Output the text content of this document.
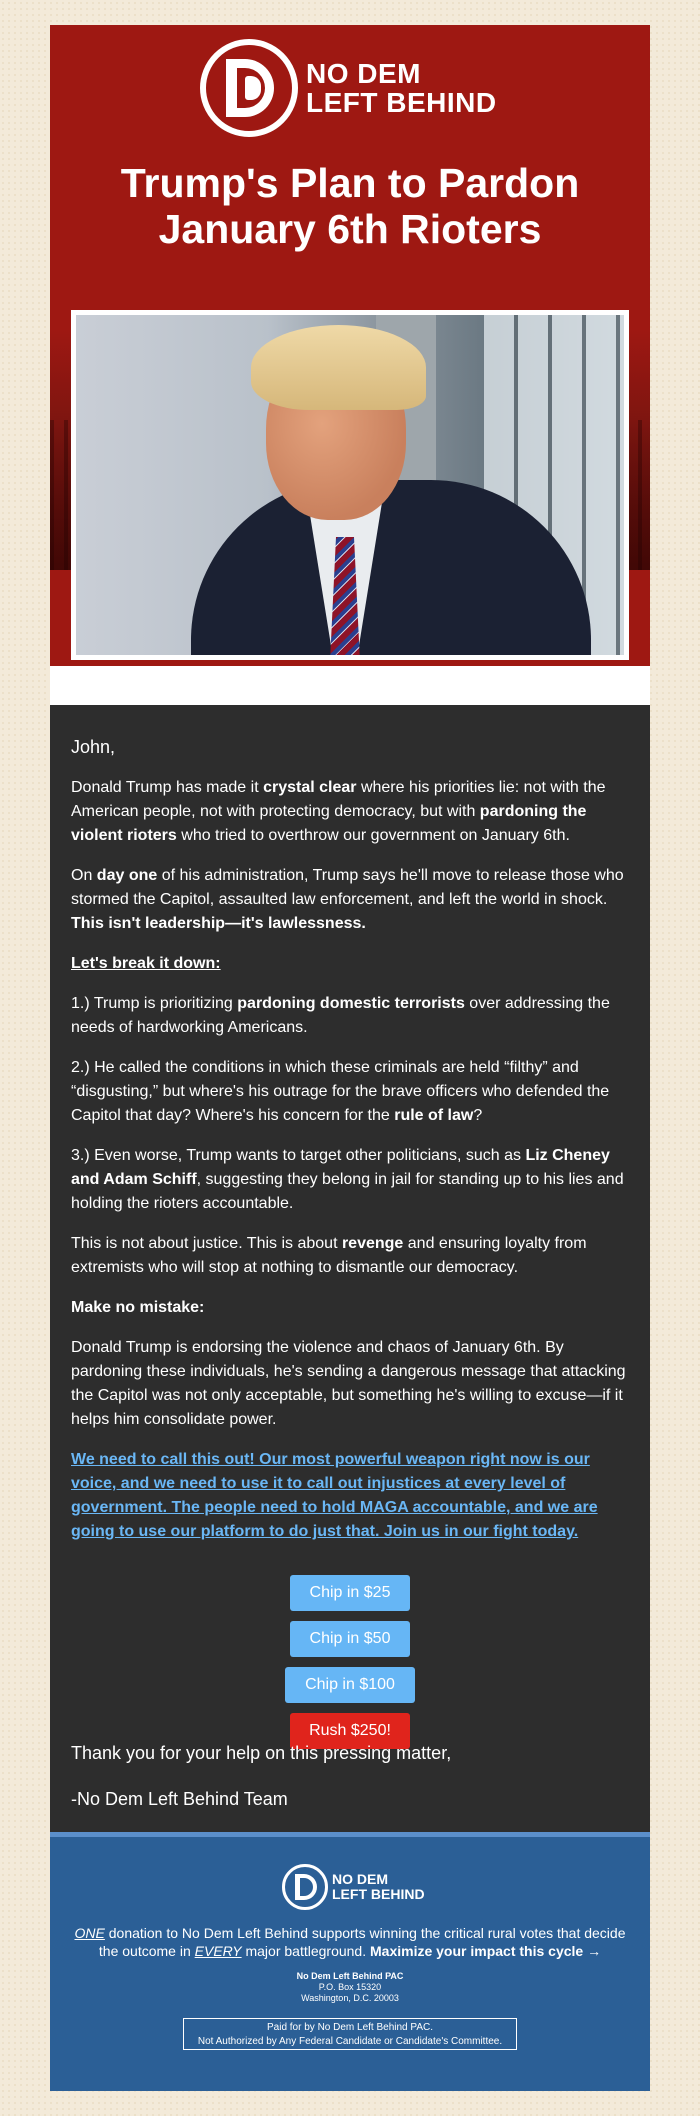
NO DEM
LEFT BEHIND
Trump's Plan to Pardon January 6th Rioters

John,

Donald Trump has made it crystal clear where his priorities lie: not with the American people, not with protecting democracy, but with pardoning the violent rioters who tried to overthrow our government on January 6th.

On day one of his administration, Trump says he'll move to release those who stormed the Capitol, assaulted law enforcement, and left the world in shock. This isn't leadership—it's lawlessness.

Let's break it down:

1.) Trump is prioritizing pardoning domestic terrorists over addressing the needs of hardworking Americans.

2.) He called the conditions in which these criminals are held “filthy” and “disgusting,” but where's his outrage for the brave officers who defended the Capitol that day? Where's his concern for the rule of law?

3.) Even worse, Trump wants to target other politicians, such as Liz Cheney and Adam Schiff, suggesting they belong in jail for standing up to his lies and holding the rioters accountable.

This is not about justice. This is about revenge and ensuring loyalty from extremists who will stop at nothing to dismantle our democracy.

Make no mistake:

Donald Trump is endorsing the violence and chaos of January 6th. By pardoning these individuals, he's sending a dangerous message that attacking the Capitol was not only acceptable, but something he's willing to excuse—if it helps him consolidate power.

We need to call this out! Our most powerful weapon right now is our voice, and we need to use it to call out injustices at every level of government. The people need to hold MAGA accountable, and we are going to use our platform to do just that. Join us in our fight today.

Chip in $25
Chip in $50
Chip in $100
Rush $250!

Thank you for your help on this pressing matter,

-No Dem Left Behind Team

NO DEM
LEFT BEHIND
ONE donation to No Dem Left Behind supports winning the critical rural votes that decide the outcome in EVERY major battleground. Maximize your impact this cycle →
No Dem Left Behind PAC
P.O. Box 15320
Washington, D.C. 20003
Paid for by No Dem Left Behind PAC.
Not Authorized by Any Federal Candidate or Candidate's Committee.
